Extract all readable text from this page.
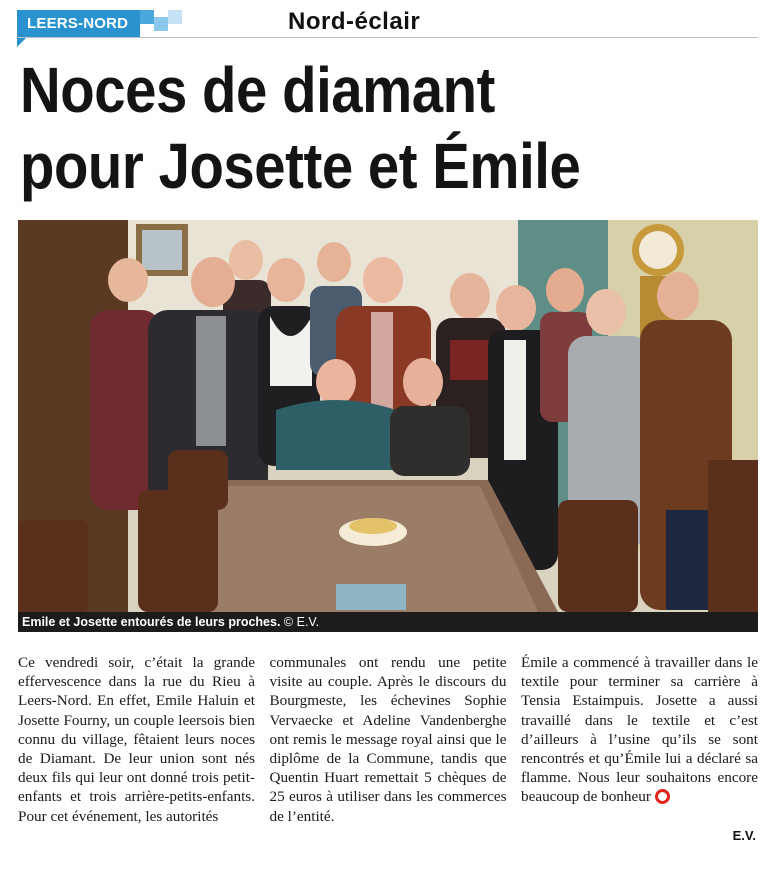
LEERS-NORD	Nord-éclair
Noces de diamant
pour Josette et Émile
Emile et Josette entourés de leurs proches. © E.V.

Ce vendredi soir, c’était la grande effervescence dans la rue du Rieu à Leers-Nord. En effet, Emile Haluin et Josette Fourny, un couple leersois bien connu du village, fêtaient leurs noces de Diamant. De leur union sont nés deux fils qui leur ont donné trois petit-enfants et trois arrière-petits-enfants. Pour cet événement, les autorités

communales ont rendu une petite visite au couple. Après le discours du Bourgmeste, les échevines Sophie Vervaecke et Adeline Vandenberghe ont remis le message royal ainsi que le diplôme de la Commune, tandis que Quentin Huart remettait 5 chèques de 25 euros à utiliser dans les commerces de l’entité.

Émile a commencé à travailler dans le textile pour terminer sa carrière à Tensia Estaimpuis. Josette a aussi travaillé dans le textile et c’est d’ailleurs à l’usine qu’ils se sont rencontrés et qu’Émile lui a déclaré sa flamme. Nous leur souhaitons encore beaucoup de bonheur

E.V.
